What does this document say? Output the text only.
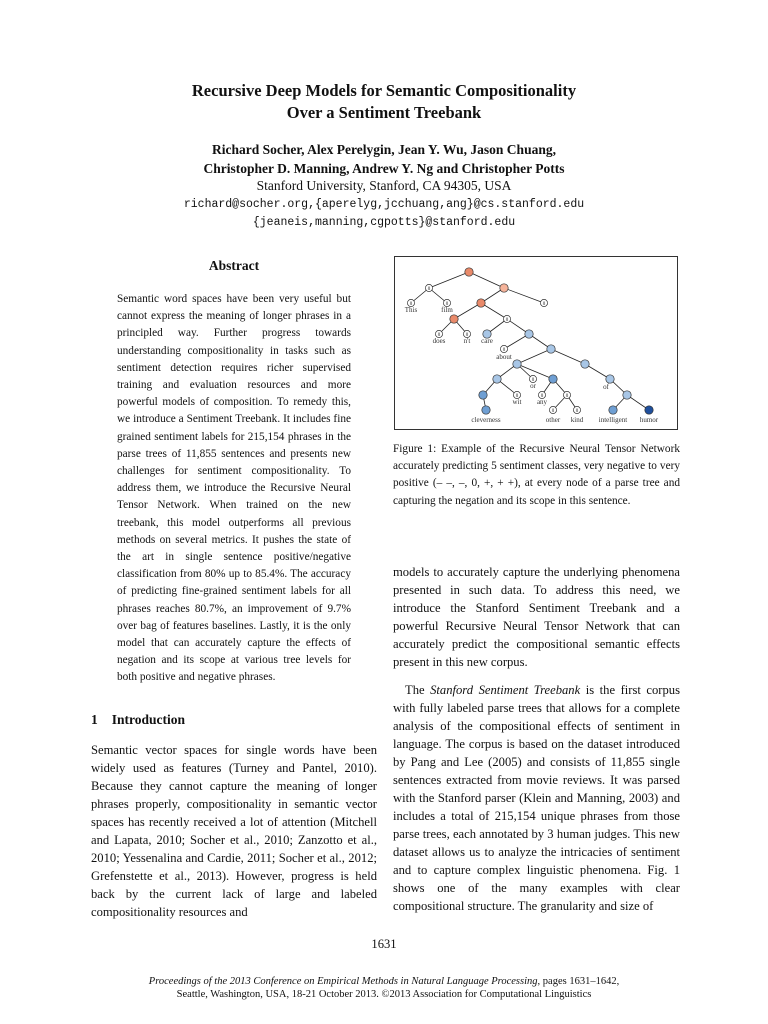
Recursive Deep Models for Semantic Compositionality
Over a Sentiment Treebank
Richard Socher, Alex Perelygin, Jean Y. Wu, Jason Chuang,
Christopher D. Manning, Andrew Y. Ng and Christopher Potts
Stanford University, Stanford, CA 94305, USA
richard@socher.org,{aperelyg,jcchuang,ang}@cs.stanford.edu
{jeaneis,manning,cgpotts}@stanford.edu
Abstract
Semantic word spaces have been very useful but cannot express the meaning of longer phrases in a principled way. Further progress towards understanding compositionality in tasks such as sentiment detection requires richer supervised training and evaluation resources and more powerful models of composition. To remedy this, we introduce a Sentiment Treebank. It includes fine grained sentiment labels for 215,154 phrases in the parse trees of 11,855 sentences and presents new challenges for sentiment compositionality. To address them, we introduce the Recursive Neural Tensor Network. When trained on the new treebank, this model outperforms all previous methods on several metrics. It pushes the state of the art in single sentence positive/negative classification from 80% up to 85.4%. The accuracy of predicting fine-grained sentiment labels for all phrases reaches 80.7%, an improvement of 9.7% over bag of features baselines. Lastly, it is the only model that can accurately capture the effects of negation and its scope at various tree levels for both positive and negative phrases.
1 Introduction

Semantic vector spaces for single words have been widely used as features (Turney and Pantel, 2010). Because they cannot capture the meaning of longer phrases properly, compositionality in semantic vector spaces has recently received a lot of attention (Mitchell and Lapata, 2010; Socher et al., 2010; Zanzotto et al., 2010; Yessenalina and Cardie, 2011; Socher et al., 2012; Grefenstette et al., 2013). However, progress is held back by the current lack of large and labeled compositionality resources and

0
0	0	0
0
0	0
0
0
0	0	0
0	0
This	film
does	n't care
about
or	of
wit any
cleverness	other kind intelligent humor
Figure 1: Example of the Recursive Neural Tensor Network accurately predicting 5 sentiment classes, very negative to very positive (– –, –, 0, +, + +), at every node of a parse tree and capturing the negation and its scope in this sentence.

models to accurately capture the underlying phenomena presented in such data. To address this need, we introduce the Stanford Sentiment Treebank and a powerful Recursive Neural Tensor Network that can accurately predict the compositional semantic effects present in this new corpus.

The Stanford Sentiment Treebank is the first corpus with fully labeled parse trees that allows for a complete analysis of the compositional effects of sentiment in language. The corpus is based on the dataset introduced by Pang and Lee (2005) and consists of 11,855 single sentences extracted from movie reviews. It was parsed with the Stanford parser (Klein and Manning, 2003) and includes a total of 215,154 unique phrases from those parse trees, each annotated by 3 human judges. This new dataset allows us to analyze the intricacies of sentiment and to capture complex linguistic phenomena. Fig. 1 shows one of the many examples with clear compositional structure. The granularity and size of

1631
Proceedings of the 2013 Conference on Empirical Methods in Natural Language Processing, pages 1631–1642,
Seattle, Washington, USA, 18-21 October 2013. ©2013 Association for Computational Linguistics
